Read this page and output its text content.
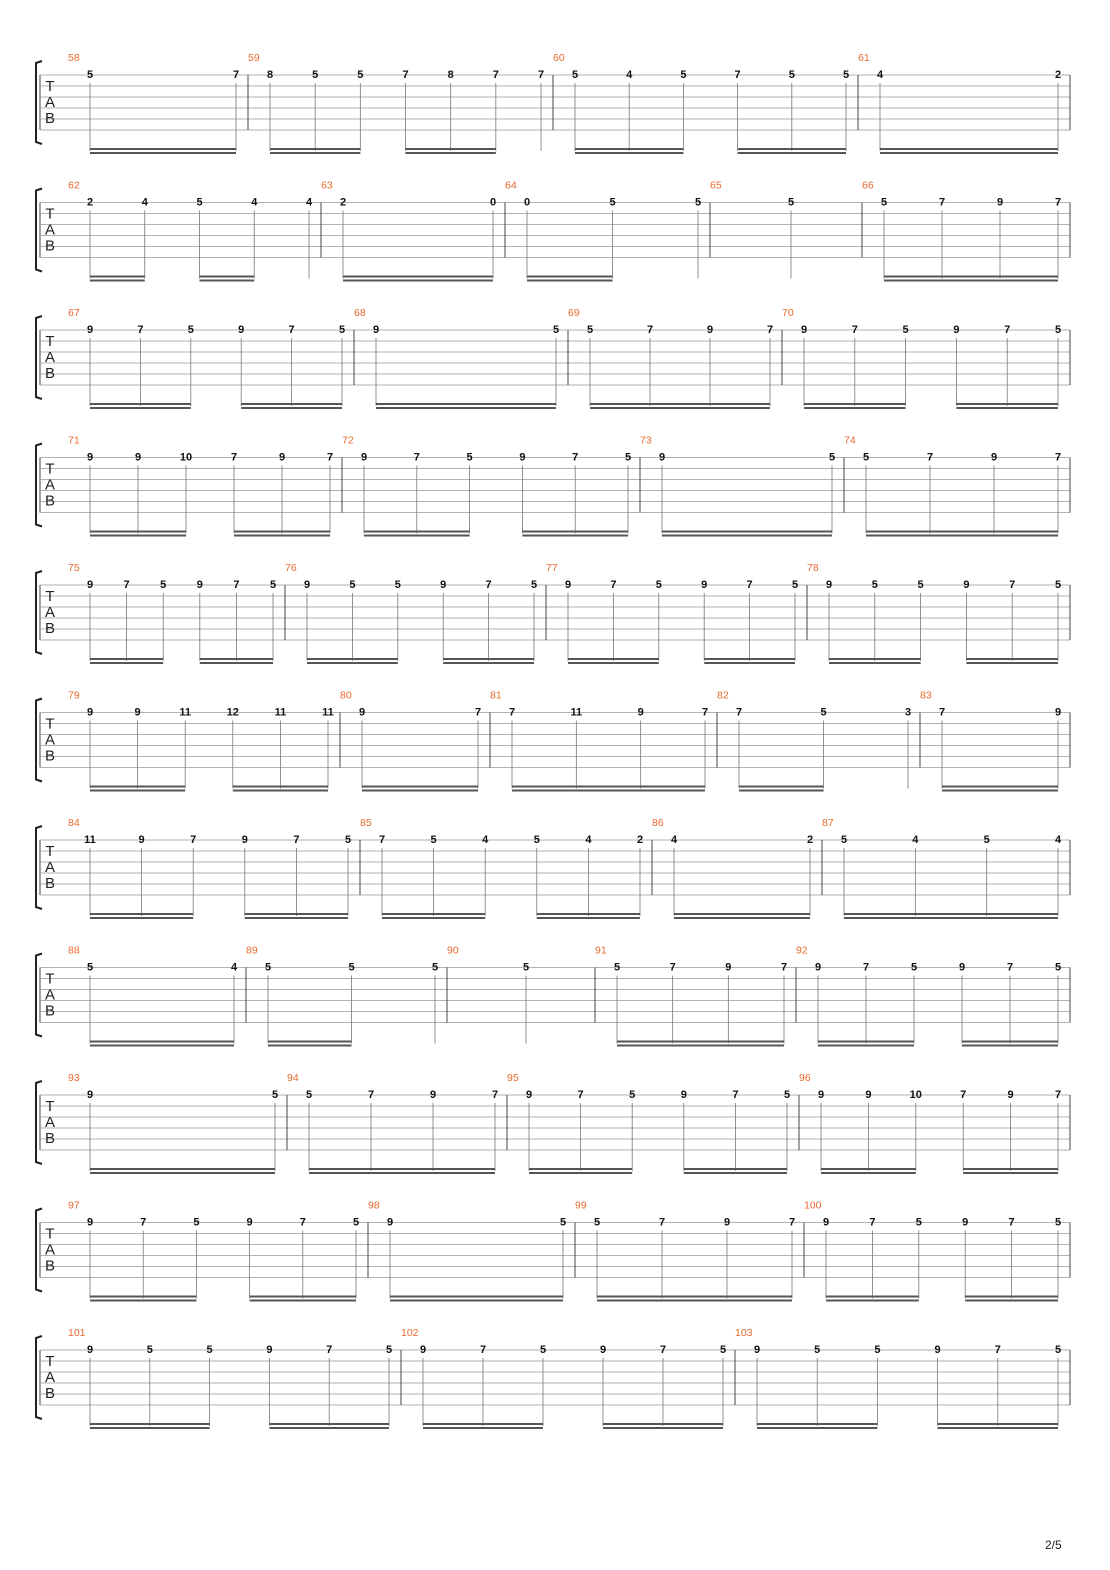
T
A
B
58
5	7
59
8	5	5	7	8	7	7
60
5	4	5	7	5	5
61
4	2
T
A
B
62
2	4	5	4	4
63
2	0
64
0	5	5
65
5
66
5	7	9	7
T
A
B
67
9	7	5	9	7	5
68
9	5
69
5	7	9	7
70
9	7	5	9	7	5
T
A
B
71
9	9	10	7	9	7
72
9	7	5	9	7	5
73
9	5
74
5	7	9	7
T
A
B
75
9	7	5	9	7	5
76
9	5	5	9	7	5
77
9	7	5	9	7	5
78
9	5	5	9	7	5
T
A
B
79
9	9	11	12	11	11
80
9	7
81
7	11	9	7
82
7	5	3
83
7	9
T
A
B
84
11	9	7	9	7	5
85
7	5	4	5	4	2
86
4	2
87
5	4	5	4
T
A
B
88
5	4
89
5	5	5
90
5
91
5	7	9	7
92
9	7	5	9	7	5
T
A
B
93
9	5
94
5	7	9	7
95
9	7	5	9	7	5
96
9	9	10	7	9	7
T
A
B
97
9	7	5	9	7	5
98
9	5
99
5	7	9	7
100
9	7	5	9	7	5
T
A
B
101
9	5	5	9	7	5
102
9	7	5	9	7	5
103
9	5	5	9	7	5
2/5
